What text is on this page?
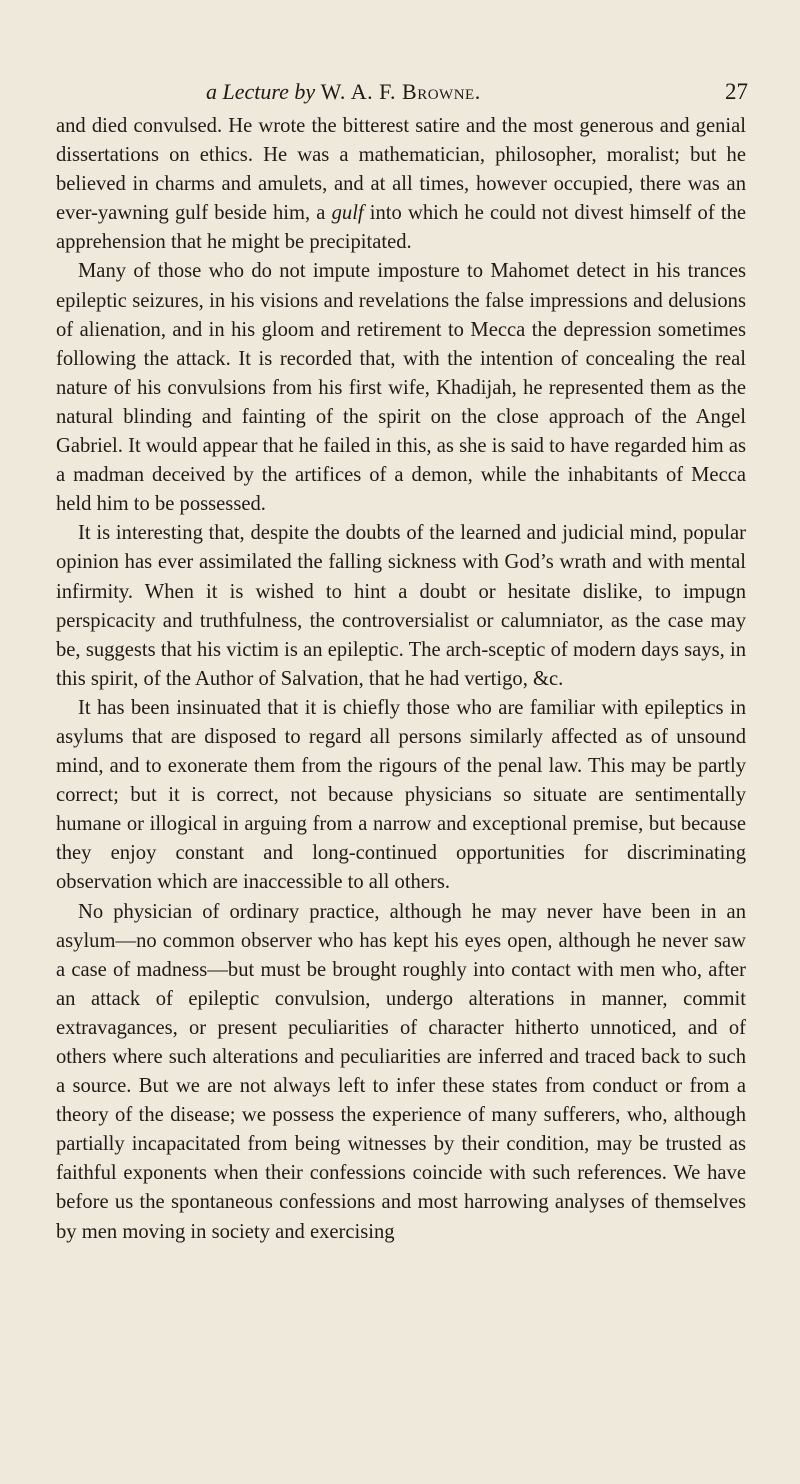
a Lecture by W. A. F. Browne.	27

and died convulsed. He wrote the bitterest satire and the most generous and genial dissertations on ethics. He was a mathematician, philosopher, moralist; but he believed in charms and amulets, and at all times, however occupied, there was an ever-yawning gulf beside him, a gulf into which he could not divest himself of the apprehension that he might be precipitated.

Many of those who do not impute imposture to Mahomet detect in his trances epileptic seizures, in his visions and revelations the false impressions and delusions of alienation, and in his gloom and retirement to Mecca the depression sometimes following the attack. It is recorded that, with the intention of concealing the real nature of his convulsions from his first wife, Khadijah, he represented them as the natural blinding and fainting of the spirit on the close approach of the Angel Gabriel. It would appear that he failed in this, as she is said to have regarded him as a madman deceived by the artifices of a demon, while the inhabitants of Mecca held him to be possessed.

It is interesting that, despite the doubts of the learned and judicial mind, popular opinion has ever assimilated the falling sickness with God’s wrath and with mental infirmity. When it is wished to hint a doubt or hesitate dislike, to impugn perspicacity and truthfulness, the controversialist or calumniator, as the case may be, suggests that his victim is an epileptic. The arch-sceptic of modern days says, in this spirit, of the Author of Salvation, that he had vertigo, &c.

It has been insinuated that it is chiefly those who are familiar with epileptics in asylums that are disposed to regard all persons similarly affected as of unsound mind, and to exonerate them from the rigours of the penal law. This may be partly correct; but it is correct, not because physicians so situate are sentimentally humane or illogical in arguing from a narrow and exceptional premise, but because they enjoy constant and long-continued opportunities for discriminating observation which are inaccessible to all others.

No physician of ordinary practice, although he may never have been in an asylum—no common observer who has kept his eyes open, although he never saw a case of madness—but must be brought roughly into contact with men who, after an attack of epileptic convulsion, undergo alterations in manner, commit extravagances, or present peculiarities of character hitherto unnoticed, and of others where such alterations and peculiarities are inferred and traced back to such a source. But we are not always left to infer these states from conduct or from a theory of the disease; we possess the experience of many sufferers, who, although partially incapacitated from being witnesses by their condition, may be trusted as faithful exponents when their confessions coincide with such references. We have before us the spontaneous confessions and most harrowing analyses of themselves by men moving in society and exercising
